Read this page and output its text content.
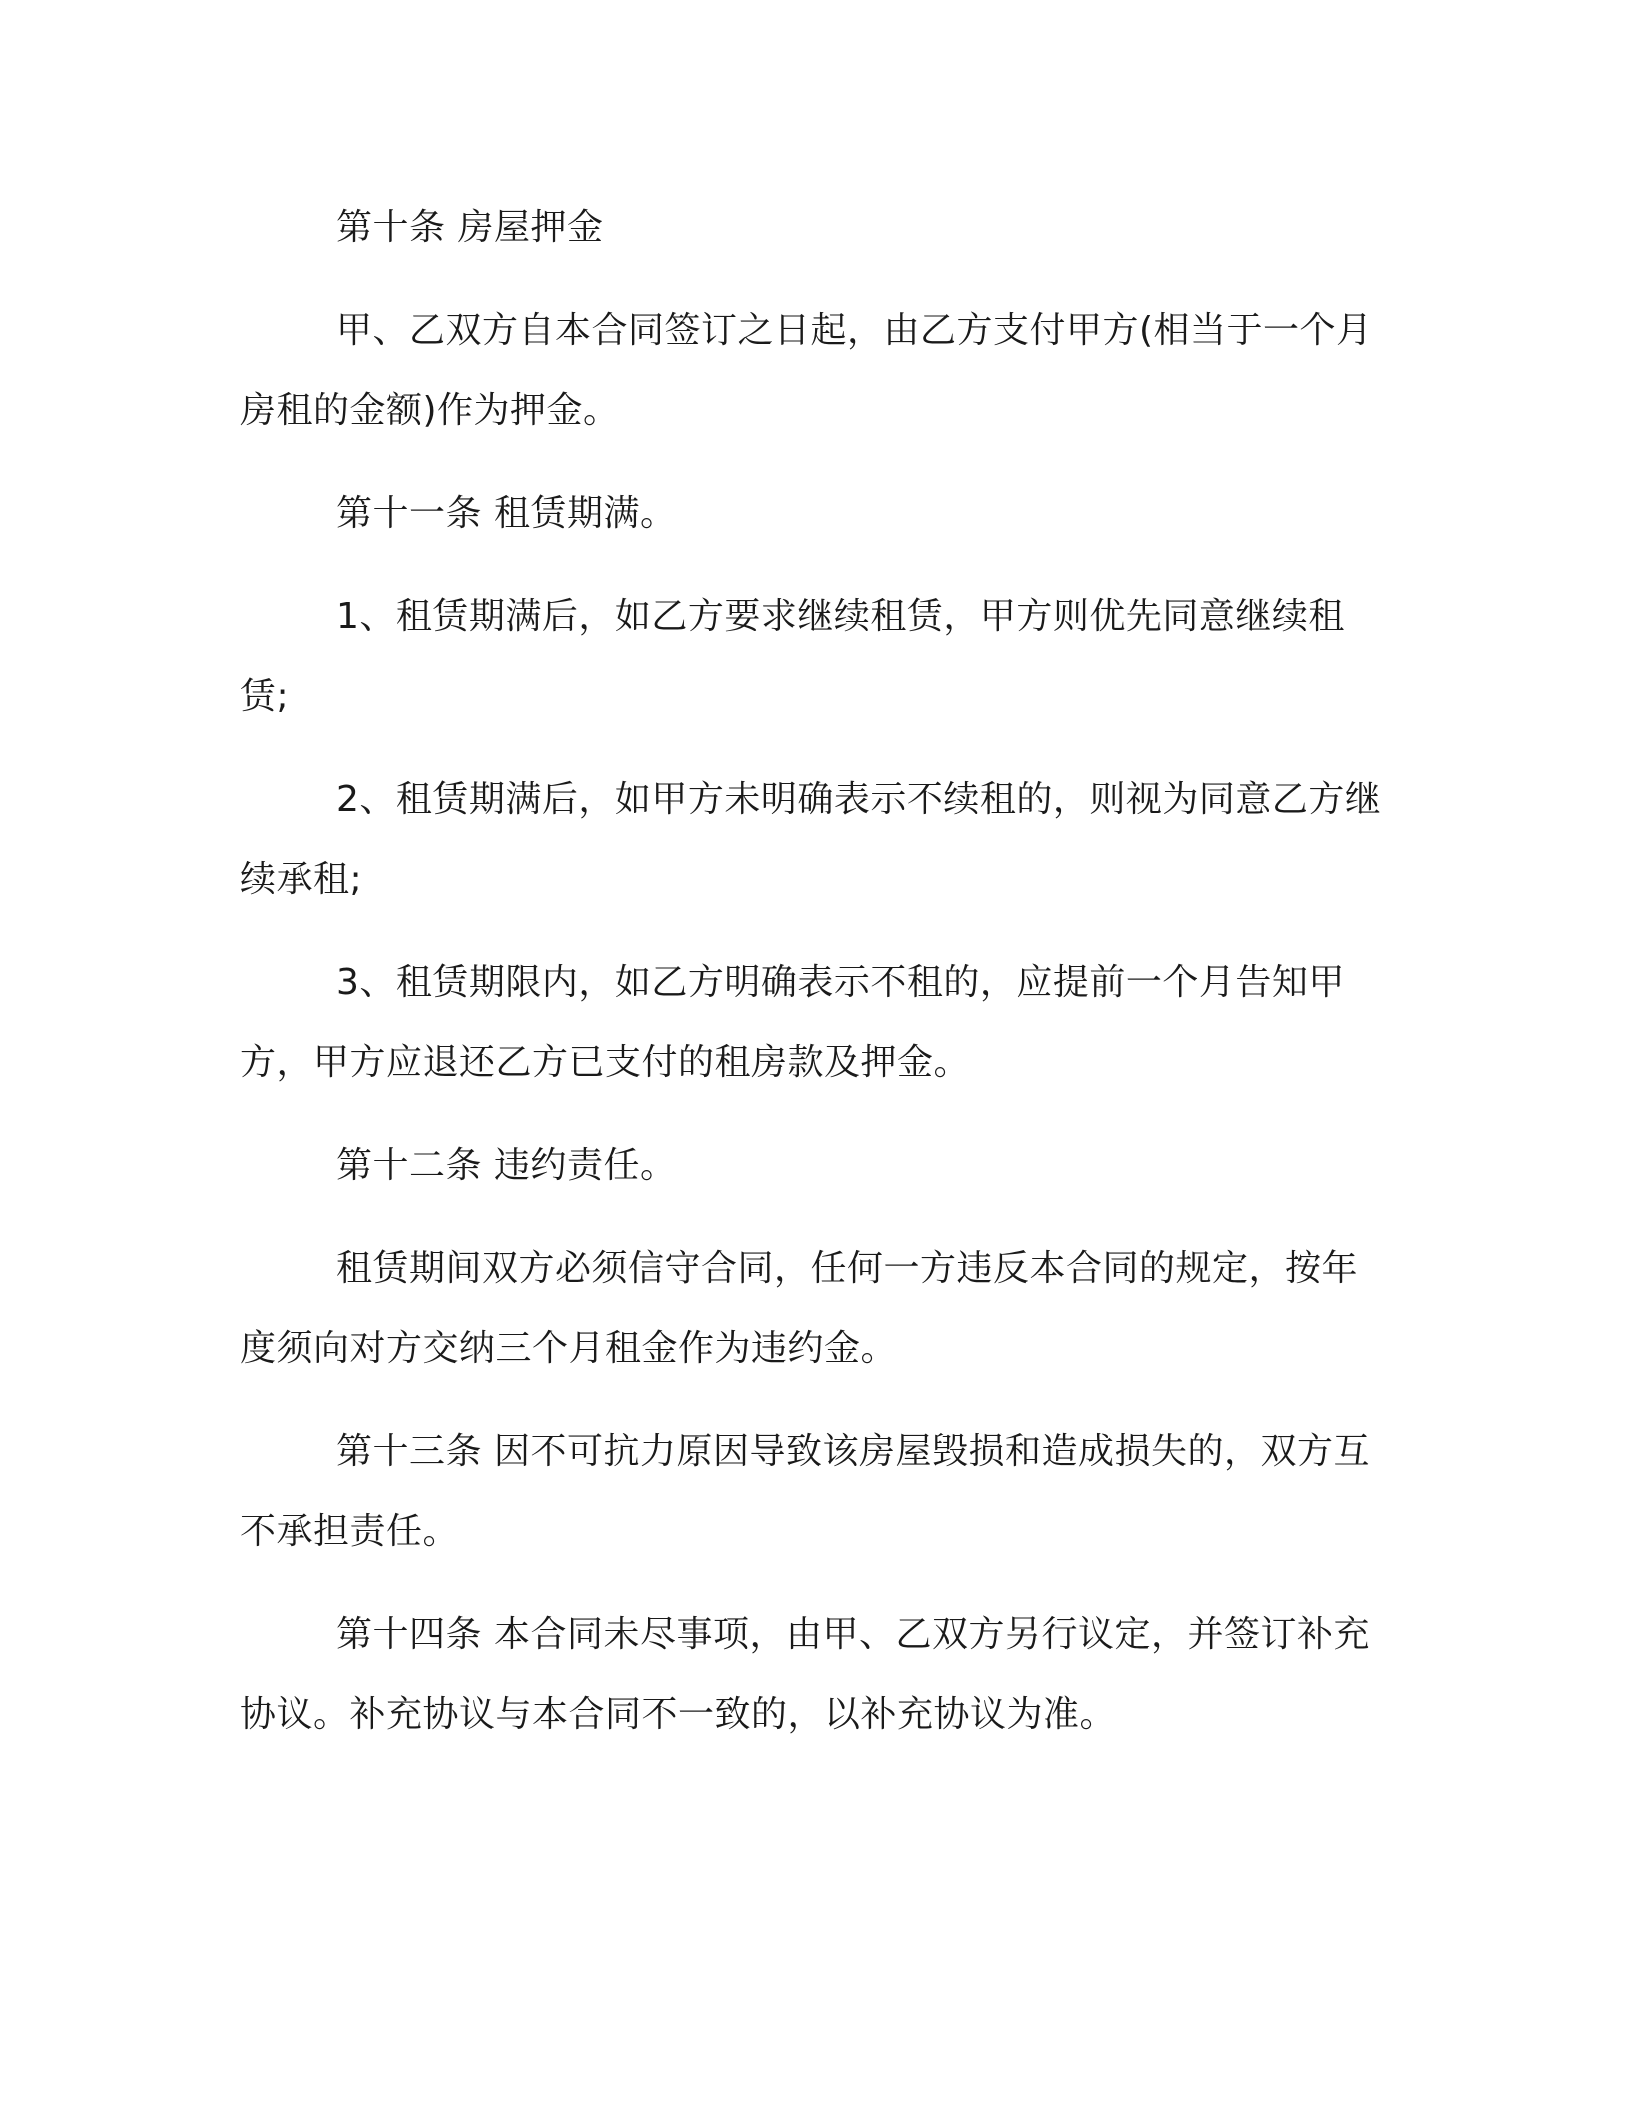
第十条 房屋押金

甲、乙双方自本合同签订之日起，由乙方支付甲方(相当于一个月房租的金额)作为押金。

第十一条 租赁期满。

1、租赁期满后，如乙方要求继续租赁，甲方则优先同意继续租赁;

2、租赁期满后，如甲方未明确表示不续租的，则视为同意乙方继续承租;

3、租赁期限内，如乙方明确表示不租的，应提前一个月告知甲方，甲方应退还乙方已支付的租房款及押金。

第十二条 违约责任。

租赁期间双方必须信守合同，任何一方违反本合同的规定，按年度须向对方交纳三个月租金作为违约金。

第十三条 因不可抗力原因导致该房屋毁损和造成损失的，双方互不承担责任。

第十四条 本合同未尽事项，由甲、乙双方另行议定，并签订补充协议。补充协议与本合同不一致的，以补充协议为准。
